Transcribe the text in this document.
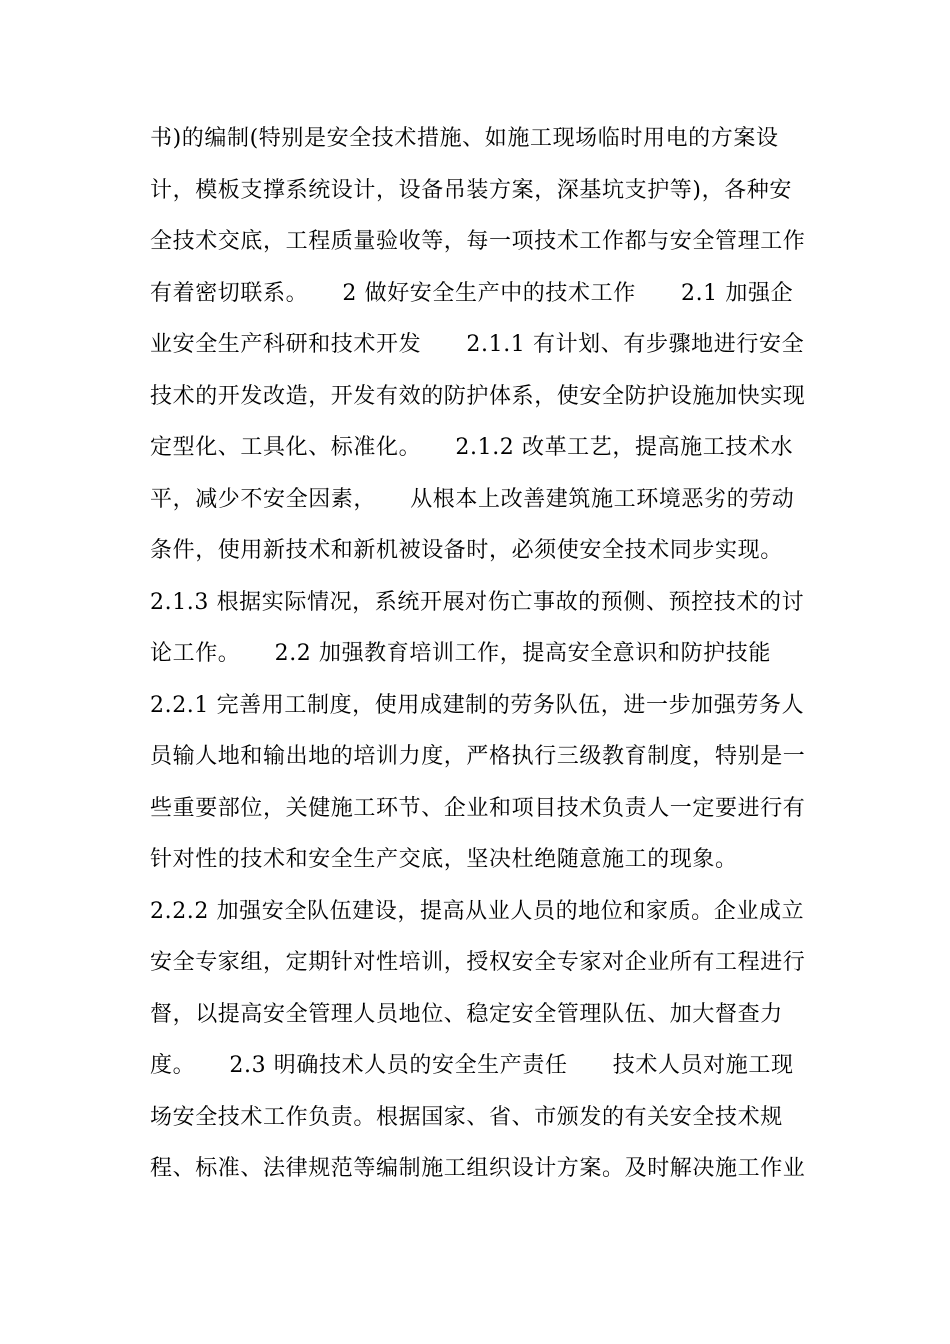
书)的编制(特别是安全技术措施、如施工现场临时用电的方案设
计，模板支撑系统设计，设备吊装方案，深基坑支护等)，各种安
全技术交底，工程质量验收等，每一项技术工作都与安全管理工作
有着密切联系。　　2 做好安全生产中的技术工作　　2.1 加强企
业安全生产科研和技术开发　　2.1.1 有计划、有步骤地进行安全
技术的开发改造，开发有效的防护体系，使安全防护设施加快实现
定型化、工具化、标准化。　　2.1.2 改革工艺，提高施工技术水
平，减少不安全因素，　　从根本上改善建筑施工环境恶劣的劳动
条件，使用新技术和新机被设备时，必须使安全技术同步实现。
2.1.3 根据实际情况，系统开展对伤亡事故的预侧、预控技术的讨
论工作。　　2.2 加强教育培训工作，提高安全意识和防护技能
2.2.1 完善用工制度，使用成建制的劳务队伍，进一步加强劳务人
员输人地和输出地的培训力度，严格执行三级教育制度，特别是一
些重要部位，关健施工环节、企业和项目技术负责人一定要进行有
针对性的技术和安全生产交底，坚决杜绝随意施工的现象。
2.2.2 加强安全队伍建设，提高从业人员的地位和家质。企业成立
安全专家组，定期针对性培训，授权安全专家对企业所有工程进行
督，以提高安全管理人员地位、稳定安全管理队伍、加大督查力
度。　　2.3 明确技术人员的安全生产责任　　技术人员对施工现
场安全技术工作负责。根据国家、省、市颁发的有关安全技术规
程、标准、法律规范等编制施工组织设计方案。及时解决施工作业
